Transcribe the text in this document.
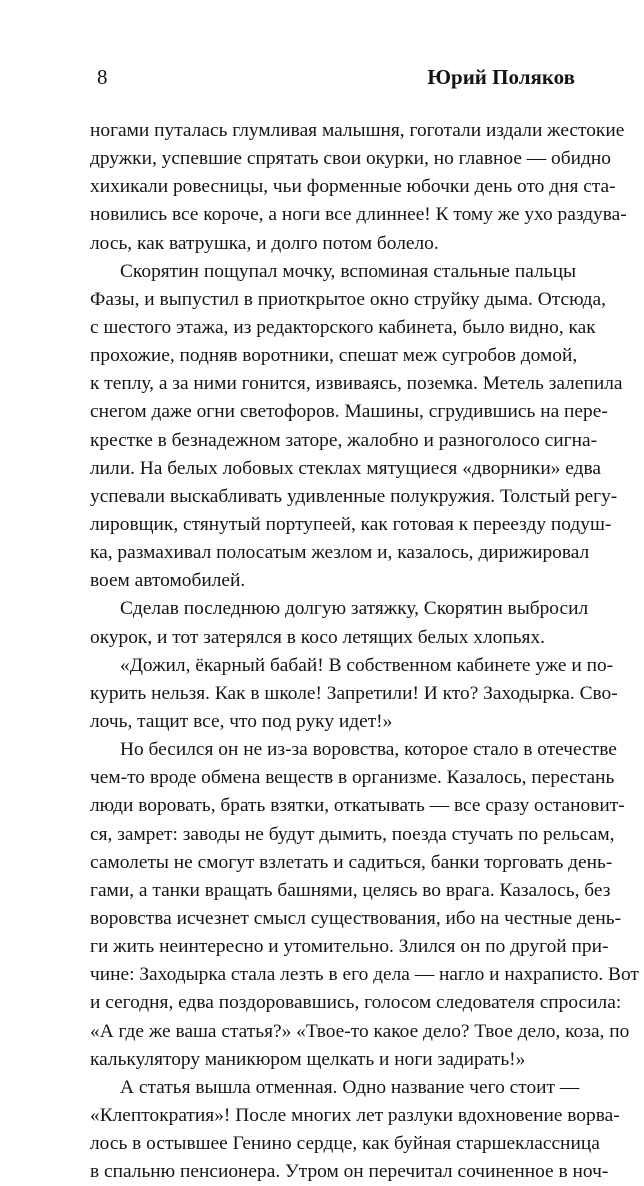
8	Юрий Поляков
ногами путалась глумливая малышня, гоготали издали жестокие
дружки, успевшие спрятать свои окурки, но главное — обидно
хихикали ровесницы, чьи форменные юбочки день ото дня ста-
новились все короче, а ноги все длиннее! К тому же ухо раздува-
лось, как ватрушка, и долго потом болело.
Скорятин пощупал мочку, вспоминая стальные пальцы
Фазы, и выпустил в приоткрытое окно струйку дыма. Отсюда,
с шестого этажа, из редакторского кабинета, было видно, как
прохожие, подняв воротники, спешат меж сугробов домой,
к теплу, а за ними гонится, извиваясь, поземка. Метель залепила
снегом даже огни светофоров. Машины, сгрудившись на пере-
крестке в безнадежном заторе, жалобно и разноголосо сигна-
лили. На белых лобовых стеклах мятущиеся «дворники» едва
успевали выскабливать удивленные полукружия. Толстый регу-
лировщик, стянутый портупеей, как готовая к переезду подуш-
ка, размахивал полосатым жезлом и, казалось, дирижировал
воем автомобилей.
Сделав последнюю долгую затяжку, Скорятин выбросил
окурок, и тот затерялся в косо летящих белых хлопьях.
«Дожил, ёкарный бабай! В собственном кабинете уже и по-
курить нельзя. Как в школе! Запретили! И кто? Заходырка. Сво-
лочь, тащит все, что под руку идет!»
Но бесился он не из-за воровства, которое стало в отечестве
чем-то вроде обмена веществ в организме. Казалось, перестань
люди воровать, брать взятки, откатывать — все сразу остановит-
ся, замрет: заводы не будут дымить, поезда стучать по рельсам,
самолеты не смогут взлетать и садиться, банки торговать день-
гами, а танки вращать башнями, целясь во врага. Казалось, без
воровства исчезнет смысл существования, ибо на честные день-
ги жить неинтересно и утомительно. Злился он по другой при-
чине: Заходырка стала лезть в его дела — нагло и нахраписто. Вот
и сегодня, едва поздоровавшись, голосом следователя спросила:
«А где же ваша статья?» «Твое-то какое дело? Твое дело, коза, по
калькулятору маникюром щелкать и ноги задирать!»
А статья вышла отменная. Одно название чего стоит —
«Клептократия»! После многих лет разлуки вдохновение ворва-
лось в остывшее Генино сердце, как буйная старшеклассница
в спальню пенсионера. Утром он перечитал сочиненное в ноч-
